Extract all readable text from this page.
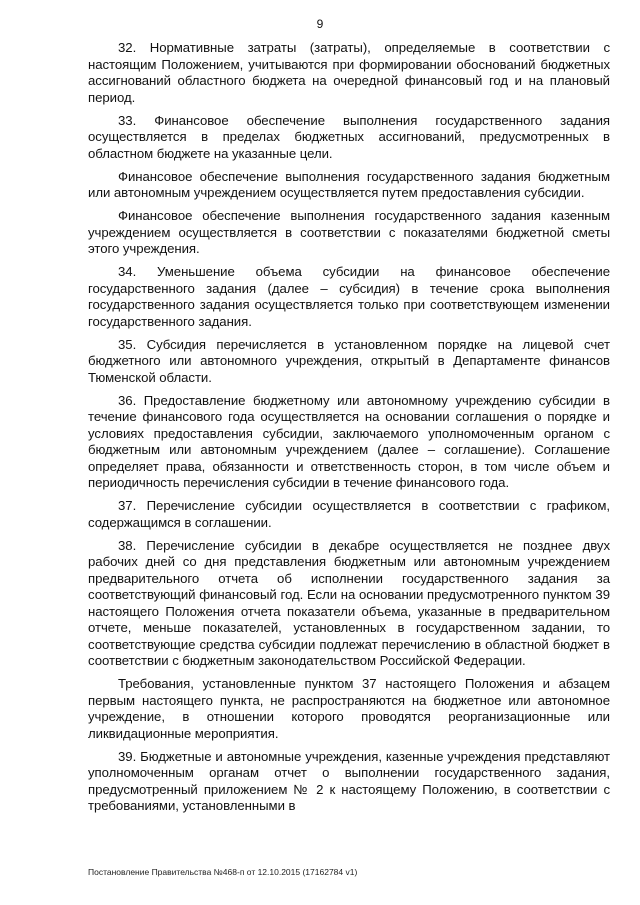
9

32. Нормативные затраты (затраты), определяемые в соответствии с настоящим Положением, учитываются при формировании обоснований бюджетных ассигнований областного бюджета на очередной финансовый год и на плановый период.

33. Финансовое обеспечение выполнения государственного задания осуществляется в пределах бюджетных ассигнований, предусмотренных в областном бюджете на указанные цели.

Финансовое обеспечение выполнения государственного задания бюджетным или автономным учреждением осуществляется путем предоставления субсидии.

Финансовое обеспечение выполнения государственного задания казенным учреждением осуществляется в соответствии с показателями бюджетной сметы этого учреждения.

34. Уменьшение объема субсидии на финансовое обеспечение государственного задания (далее – субсидия) в течение срока выполнения государственного задания осуществляется только при соответствующем изменении государственного задания.

35. Субсидия перечисляется в установленном порядке на лицевой счет бюджетного или автономного учреждения, открытый в Департаменте финансов Тюменской области.

36. Предоставление бюджетному или автономному учреждению субсидии в течение финансового года осуществляется на основании соглашения о порядке и условиях предоставления субсидии, заключаемого уполномоченным органом с бюджетным или автономным учреждением (далее – соглашение). Соглашение определяет права, обязанности и ответственность сторон, в том числе объем и периодичность перечисления субсидии в течение финансового года.

37. Перечисление субсидии осуществляется в соответствии с графиком, содержащимся в соглашении.

38. Перечисление субсидии в декабре осуществляется не позднее двух рабочих дней со дня представления бюджетным или автономным учреждением предварительного отчета об исполнении государственного задания за соответствующий финансовый год. Если на основании предусмотренного пунктом 39 настоящего Положения отчета показатели объема, указанные в предварительном отчете, меньше показателей, установленных в государственном задании, то соответствующие средства субсидии подлежат перечислению в областной бюджет в соответствии с бюджетным законодательством Российской Федерации.

Требования, установленные пунктом 37 настоящего Положения и абзацем первым настоящего пункта, не распространяются на бюджетное или автономное учреждение, в отношении которого проводятся реорганизационные или ликвидационные мероприятия.

39. Бюджетные и автономные учреждения, казенные учреждения представляют уполномоченным органам отчет о выполнении государственного задания, предусмотренный приложением № 2 к настоящему Положению, в соответствии с требованиями, установленными в

Постановление Правительства №468-п от 12.10.2015 (17162784 v1)
